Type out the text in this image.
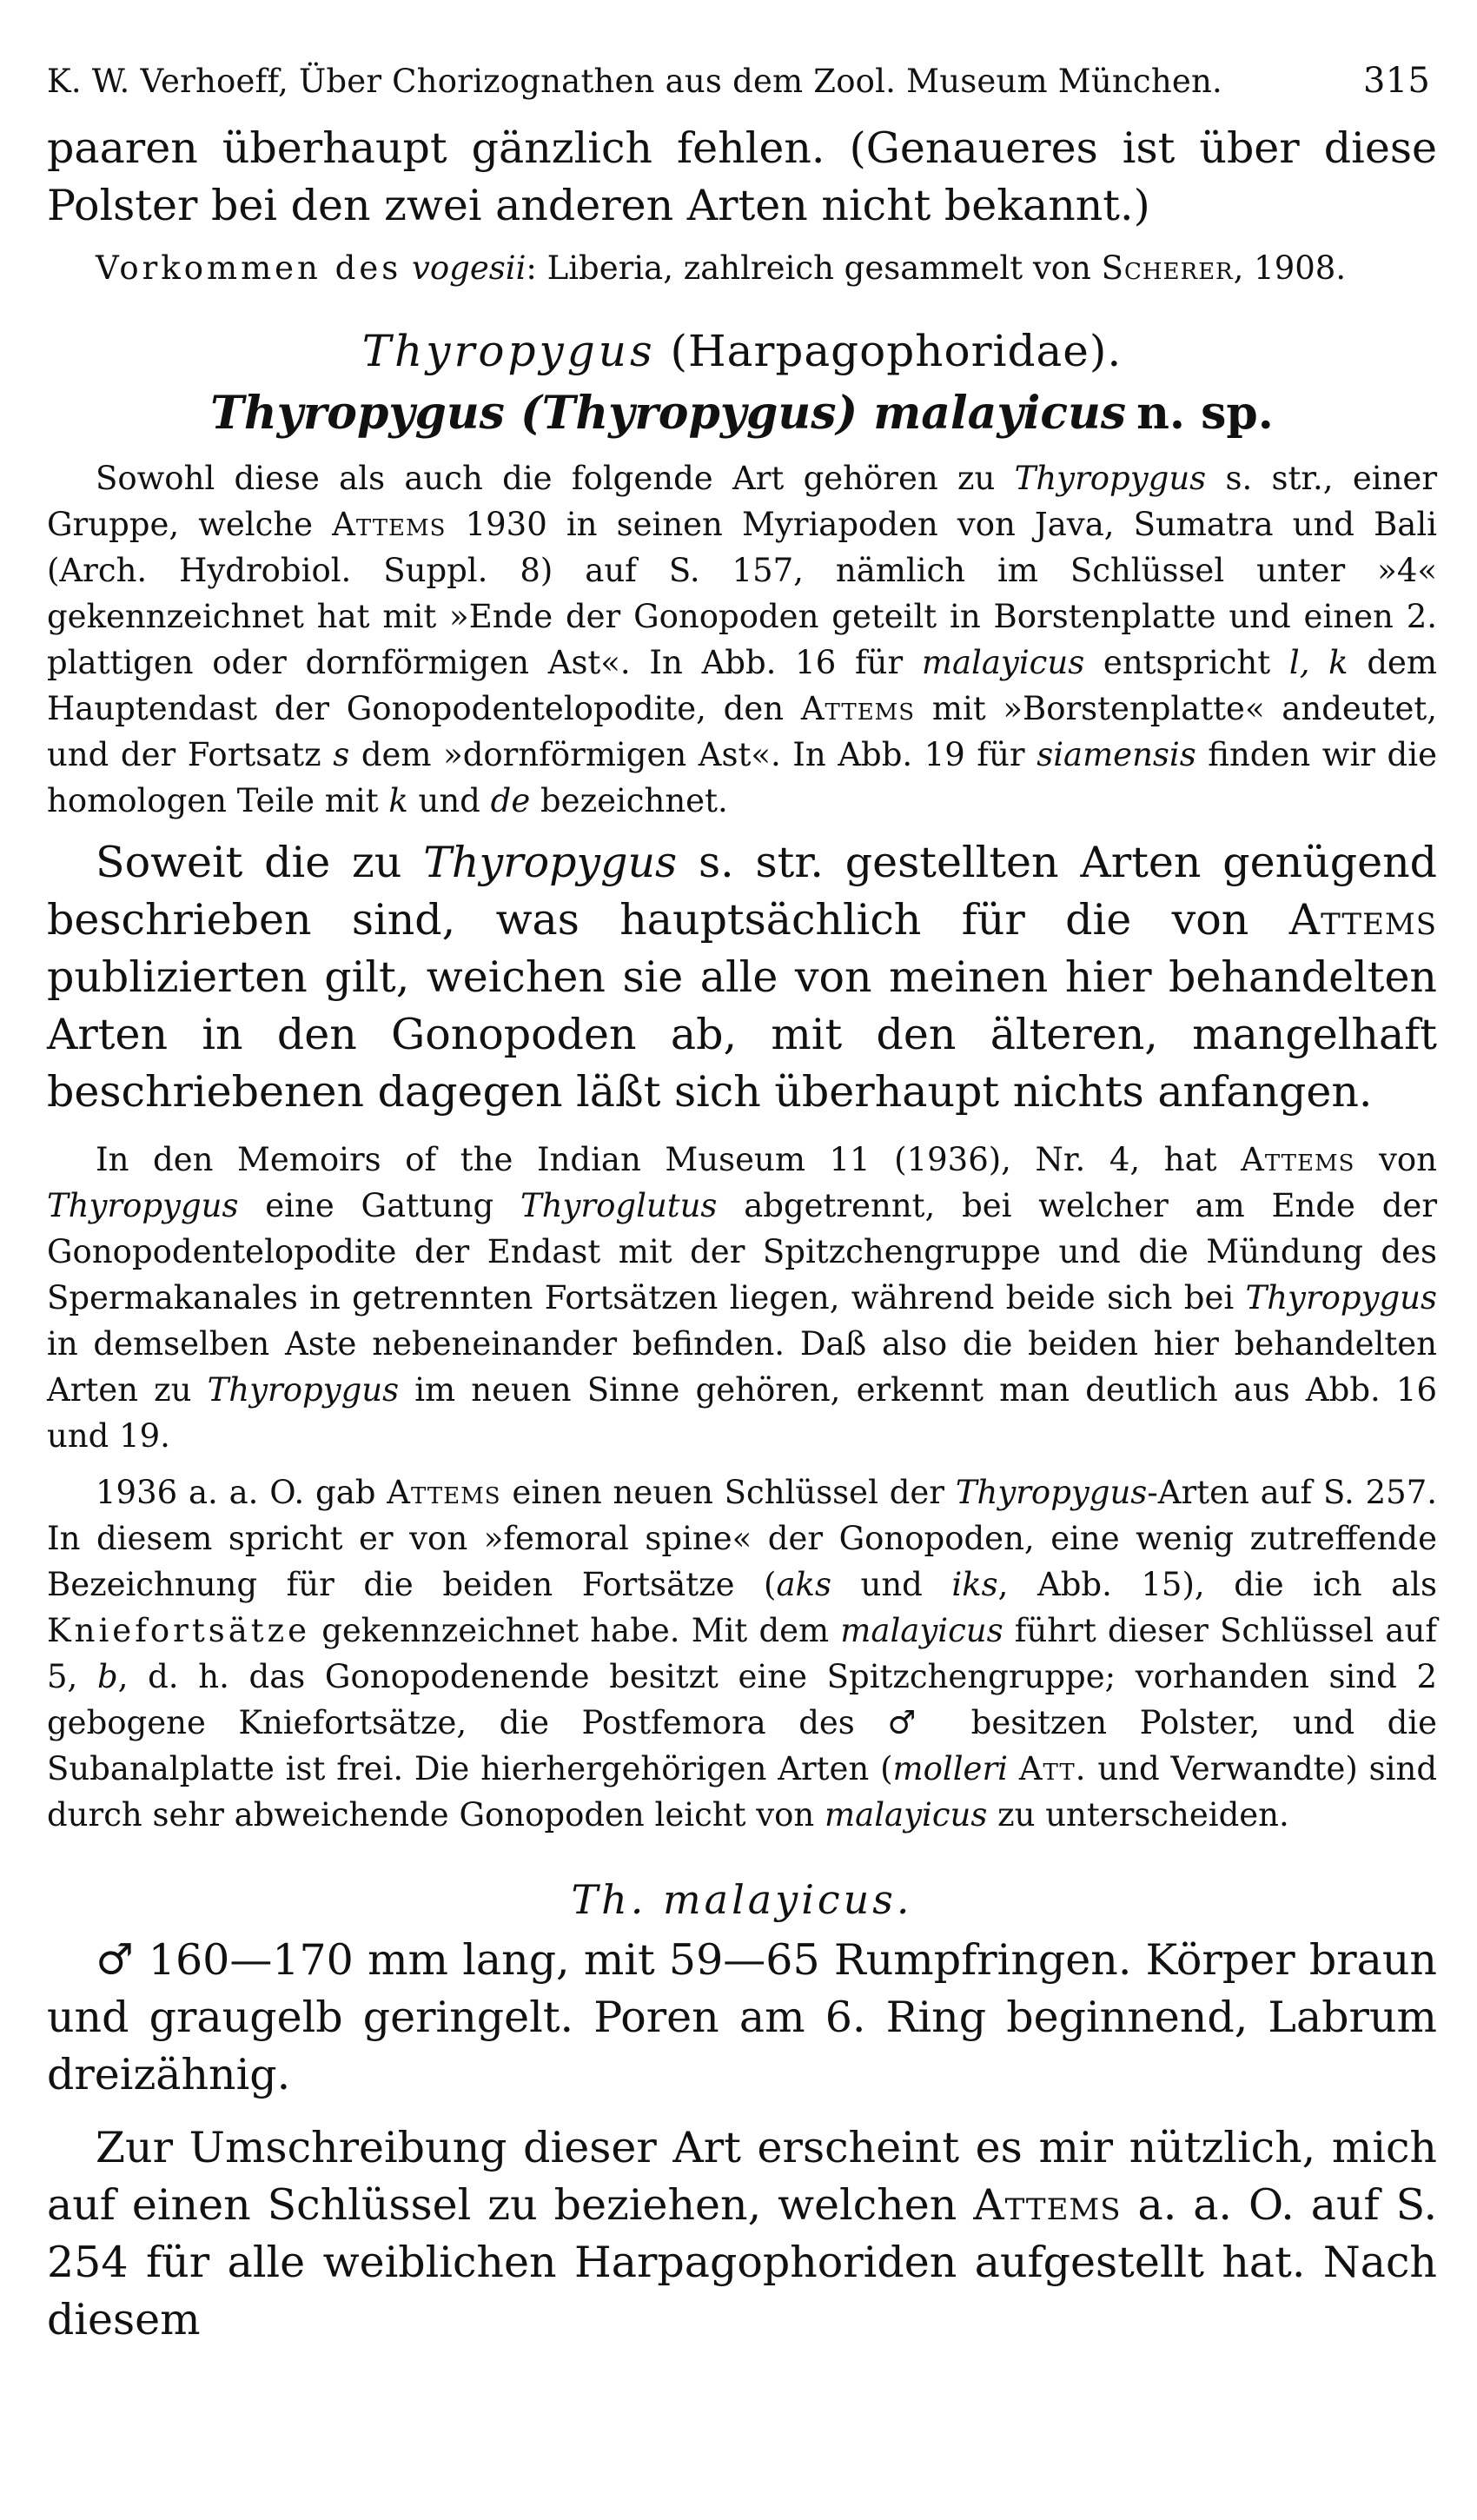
K. W. Verhoeff, Über Chorizognathen aus dem Zool. Museum München.	315

paaren überhaupt gänzlich fehlen. (Genaueres ist über diese Polster bei den zwei anderen Arten nicht bekannt.)

Vorkommen des vogesii: Liberia, zahlreich gesammelt von Scherer, 1908.

Thyropygus (Harpagophoridae).
Thyropygus (Thyropygus) malayicus n. sp.

Sowohl diese als auch die folgende Art gehören zu Thyropygus s. str., einer Gruppe, welche Attems 1930 in seinen Myriapoden von Java, Sumatra und Bali (Arch. Hydrobiol. Suppl. 8) auf S. 157, nämlich im Schlüssel unter »4« gekennzeichnet hat mit »Ende der Gonopoden geteilt in Borstenplatte und einen 2. plattigen oder dornförmigen Ast«. In Abb. 16 für malayicus entspricht l, k dem Hauptendast der Gonopodentelopodite, den Attems mit »Borstenplatte« andeutet, und der Fortsatz s dem »dornförmigen Ast«. In Abb. 19 für siamensis finden wir die homologen Teile mit k und de bezeichnet.

Soweit die zu Thyropygus s. str. gestellten Arten genügend beschrieben sind, was hauptsächlich für die von Attems publizierten gilt, weichen sie alle von meinen hier behandelten Arten in den Gonopoden ab, mit den älteren, mangelhaft beschriebenen dagegen läßt sich überhaupt nichts anfangen.

In den Memoirs of the Indian Museum 11 (1936), Nr. 4, hat Attems von Thyropygus eine Gattung Thyroglutus abgetrennt, bei welcher am Ende der Gonopodentelopodite der Endast mit der Spitzchengruppe und die Mündung des Spermakanales in getrennten Fortsätzen liegen, während beide sich bei Thyropygus in demselben Aste nebeneinander befinden. Daß also die beiden hier behandelten Arten zu Thyropygus im neuen Sinne gehören, erkennt man deutlich aus Abb. 16 und 19.

1936 a. a. O. gab Attems einen neuen Schlüssel der Thyropygus-Arten auf S. 257. In diesem spricht er von »femoral spine« der Gonopoden, eine wenig zutreffende Bezeichnung für die beiden Fortsätze (aks und iks, Abb. 15), die ich als Kniefortsätze gekennzeichnet habe. Mit dem malayicus führt dieser Schlüssel auf 5, b, d. h. das Gonopodenende besitzt eine Spitzchengruppe; vorhanden sind 2 gebogene Kniefortsätze, die Postfemora des ♂ besitzen Polster, und die Subanalplatte ist frei. Die hierhergehörigen Arten (molleri Att. und Verwandte) sind durch sehr abweichende Gonopoden leicht von malayicus zu unterscheiden.

Th. malayicus.

♂ 160—170 mm lang, mit 59—65 Rumpfringen. Körper braun und graugelb geringelt. Poren am 6. Ring beginnend, Labrum dreizähnig.

Zur Umschreibung dieser Art erscheint es mir nützlich, mich auf einen Schlüssel zu beziehen, welchen Attems a. a. O. auf S. 254 für alle weiblichen Harpagophoriden aufgestellt hat. Nach diesem
